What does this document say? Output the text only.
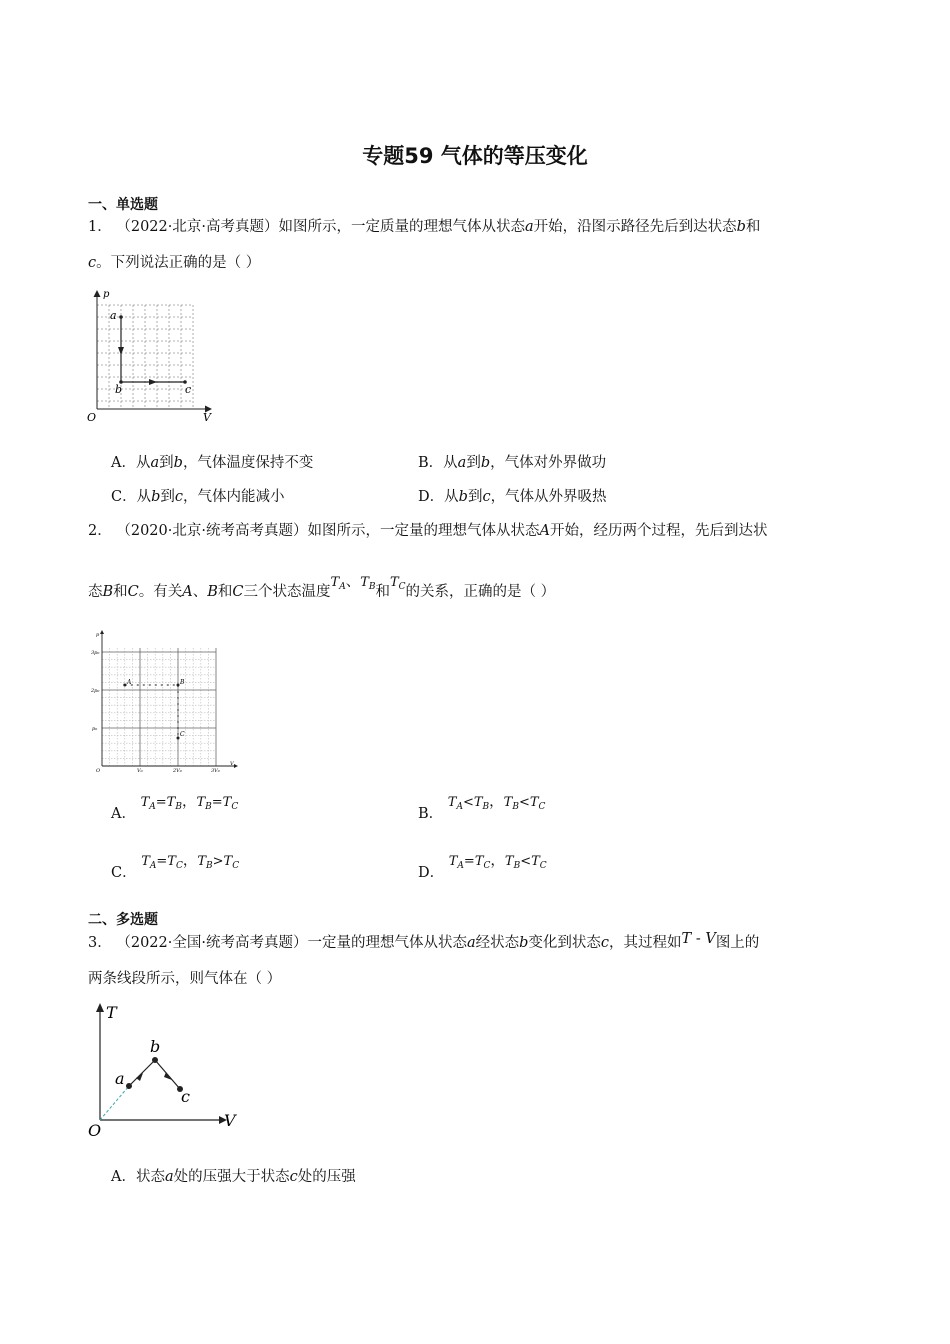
专题59 气体的等压变化
一、单选题
1． （2022·北京·高考真题）如图所示，一定质量的理想气体从状态a开始，沿图示路径先后到达状态b和
c。下列说法正确的是（ ）
a
b	c
p
V
O
A．从a到b，气体温度保持不变	B．从a到b，气体对外界做功
C．从b到c，气体内能减小	D．从b到c，气体从外界吸热
2． （2020·北京·统考高考真题）如图所示，一定量的理想气体从状态A开始，经历两个过程，先后到达状
态B和C。有关A、B和C三个状态温度$T_A$、$T_B$和$T_C$的关系，正确的是（ ）
A	B
C
3p₀
2p₀
p₀
V₀	2V₀	3V₀
p
V
O
A． $T_A=T_B$，$T_B=T_C$	B． $T_A<T_B$，$T_B<T_C$
C． $T_A=T_C$，$T_B>T_C$	D． $T_A=T_C$，$T_B<T_C$
二、多选题
3． （2022·全国·统考高考真题）一定量的理想气体从状态a经状态b变化到状态c，其过程如T - V图上的
两条线段所示，则气体在（ ）
a
b
c
T
V
O
A．状态a处的压强大于状态c处的压强
